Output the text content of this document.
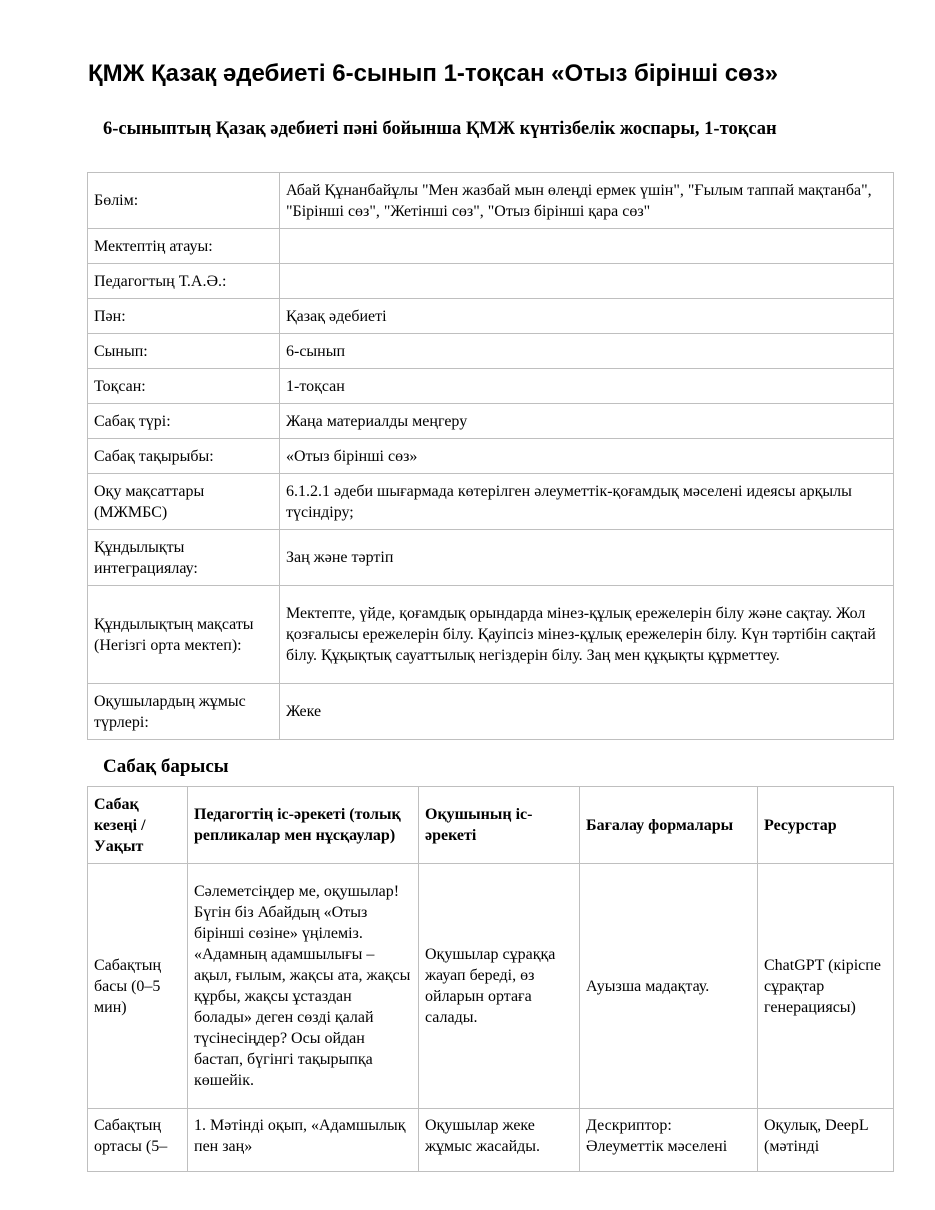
ҚМЖ Қазақ әдебиеті 6-сынып 1-тоқсан «Отыз бірінші сөз»
6-сыныптың Қазақ әдебиеті пәні бойынша ҚМЖ күнтізбелік жоспары, 1-тоқсан
Бөлім:	Абай Құнанбайұлы "Мен жазбай мын өлеңді ермек үшін", "Ғылым таппай мақтанба", "Бірінші сөз", "Жетінші сөз", "Отыз бірінші қара сөз"
Мектептің атауы:	
Педагогтың Т.А.Ә.:	
Пән:	Қазақ әдебиеті
Сынып:	6-сынып
Тоқсан:	1-тоқсан
Сабақ түрі:	Жаңа материалды меңгеру
Сабақ тақырыбы:	«Отыз бірінші сөз»
Оқу мақсаттары (МЖМБС)	6.1.2.1 әдеби шығармада көтерілген әлеуметтік-қоғамдық мәселені идеясы арқылы түсіндіру;
Құндылықты интеграциялау:	Заң және тәртіп
Құндылықтың мақсаты (Негізгі орта мектеп):	Мектепте, үйде, қоғамдық орындарда мінез-құлық ережелерін білу және сақтау. Жол қозғалысы ережелерін білу. Қауіпсіз мінез-құлық ережелерін білу. Күн тәртібін сақтай білу. Құқықтық сауаттылық негіздерін білу. Заң мен құқықты құрметтеу.
Оқушылардың жұмыс түрлері:	Жеке
Сабақ барысы
Сабақ кезеңі / Уақыт	Педагогтің іс-әрекеті (толық репликалар мен нұсқаулар)	Оқушының іс-әрекеті	Бағалау формалары	Ресурстар
Сабақтың басы (0–5 мин)	Сәлеметсіңдер ме, оқушылар! Бүгін біз Абайдың «Отыз бірінші сөзіне» үңілеміз. «Адамның адамшылығы – ақыл, ғылым, жақсы ата, жақсы құрбы, жақсы ұстаздан болады» деген сөзді қалай түсінесіңдер? Осы ойдан бастап, бүгінгі тақырыпқа көшейік.	Оқушылар сұраққа жауап береді, өз ойларын ортаға салады.	Ауызша мадақтау.	ChatGPT (кіріспе сұрақтар генерациясы)
Сабақтың ортасы (5–	1. Мәтінді оқып, «Адамшылық пен заң»	Оқушылар жеке жұмыс жасайды.	Дескриптор: Әлеуметтік мәселені	Оқулық, DeepL (мәтінді
